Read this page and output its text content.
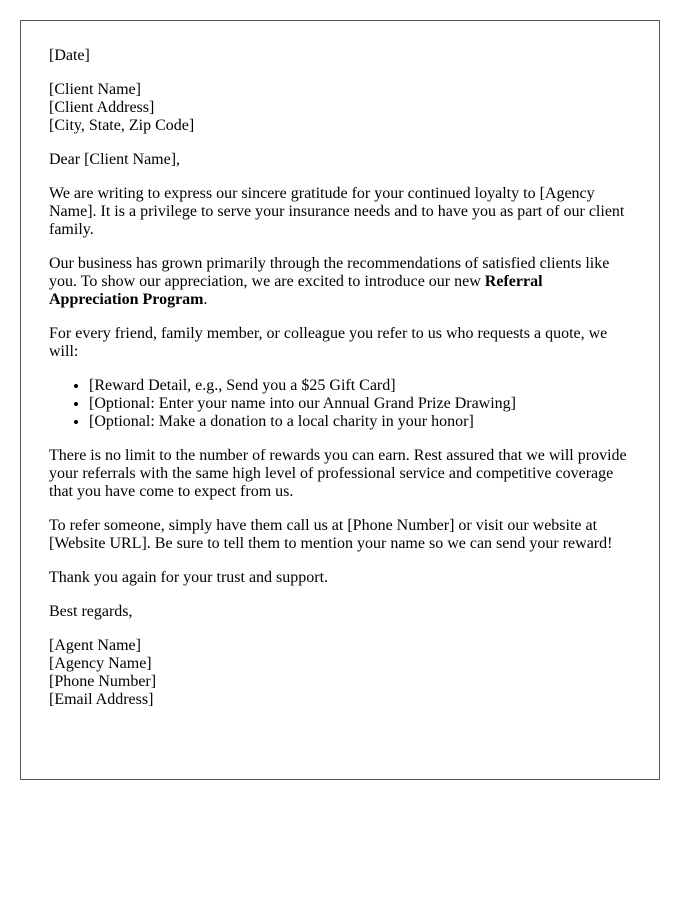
[Date]
[Client Name]
[Client Address]
[City, State, Zip Code]

Dear [Client Name],

We are writing to express our sincere gratitude for your continued loyalty to [Agency Name]. It is a privilege to serve your insurance needs and to have you as part of our client family.

Our business has grown primarily through the recommendations of satisfied clients like you. To show our appreciation, we are excited to introduce our new Referral Appreciation Program.

For every friend, family member, or colleague you refer to us who requests a quote, we will:

• [Reward Detail, e.g., Send you a $25 Gift Card]
• [Optional: Enter your name into our Annual Grand Prize Drawing]
• [Optional: Make a donation to a local charity in your honor]

There is no limit to the number of rewards you can earn. Rest assured that we will provide your referrals with the same high level of professional service and competitive coverage that you have come to expect from us.

To refer someone, simply have them call us at [Phone Number] or visit our website at [Website URL]. Be sure to tell them to mention your name so we can send your reward!

Thank you again for your trust and support.

Best regards,

[Agent Name]
[Agency Name]
[Phone Number]
[Email Address]
